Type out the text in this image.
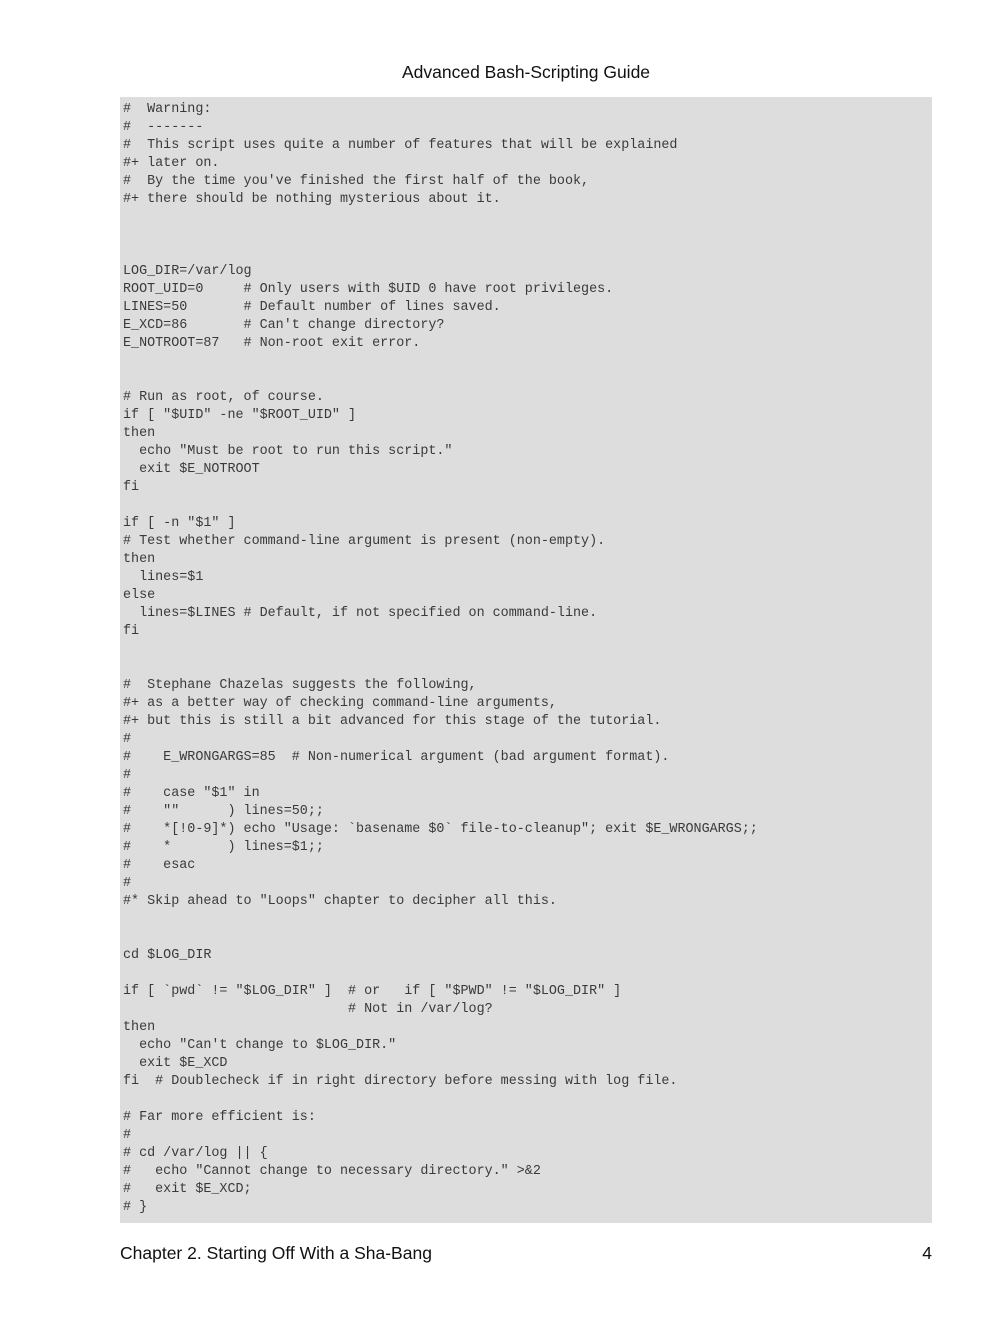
Advanced Bash-Scripting Guide
#  Warning:
#  -------
#  This script uses quite a number of features that will be explained
#+ later on.
#  By the time you've finished the first half of the book,
#+ there should be nothing mysterious about it.
LOG_DIR=/var/log
ROOT_UID=0     # Only users with $UID 0 have root privileges.
LINES=50       # Default number of lines saved.
E_XCD=86       # Can't change directory?
E_NOTROOT=87   # Non-root exit error.
# Run as root, of course.
if [ "$UID" -ne "$ROOT_UID" ]
then
echo "Must be root to run this script."
exit $E_NOTROOT
fi
if [ -n "$1" ]
# Test whether command-line argument is present (non-empty).
then
lines=$1
else
lines=$LINES # Default, if not specified on command-line.
fi
#  Stephane Chazelas suggests the following,
#+ as a better way of checking command-line arguments,
#+ but this is still a bit advanced for this stage of the tutorial.
#
#    E_WRONGARGS=85  # Non-numerical argument (bad argument format).
#
#    case "$1" in
#    ""      ) lines=50;;
#    *[!0-9]*) echo "Usage: `basename $0` file-to-cleanup"; exit $E_WRONGARGS;;
#    *       ) lines=$1;;
#    esac
#
#* Skip ahead to "Loops" chapter to decipher all this.
cd $LOG_DIR
if [ `pwd` != "$LOG_DIR" ]  # or   if [ "$PWD" != "$LOG_DIR" ]
# Not in /var/log?
then
echo "Can't change to $LOG_DIR."
exit $E_XCD
fi  # Doublecheck if in right directory before messing with log file.
# Far more efficient is:
#
# cd /var/log || {
#   echo "Cannot change to necessary directory." >&2
#   exit $E_XCD;
# }
Chapter 2. Starting Off With a Sha-Bang	4
